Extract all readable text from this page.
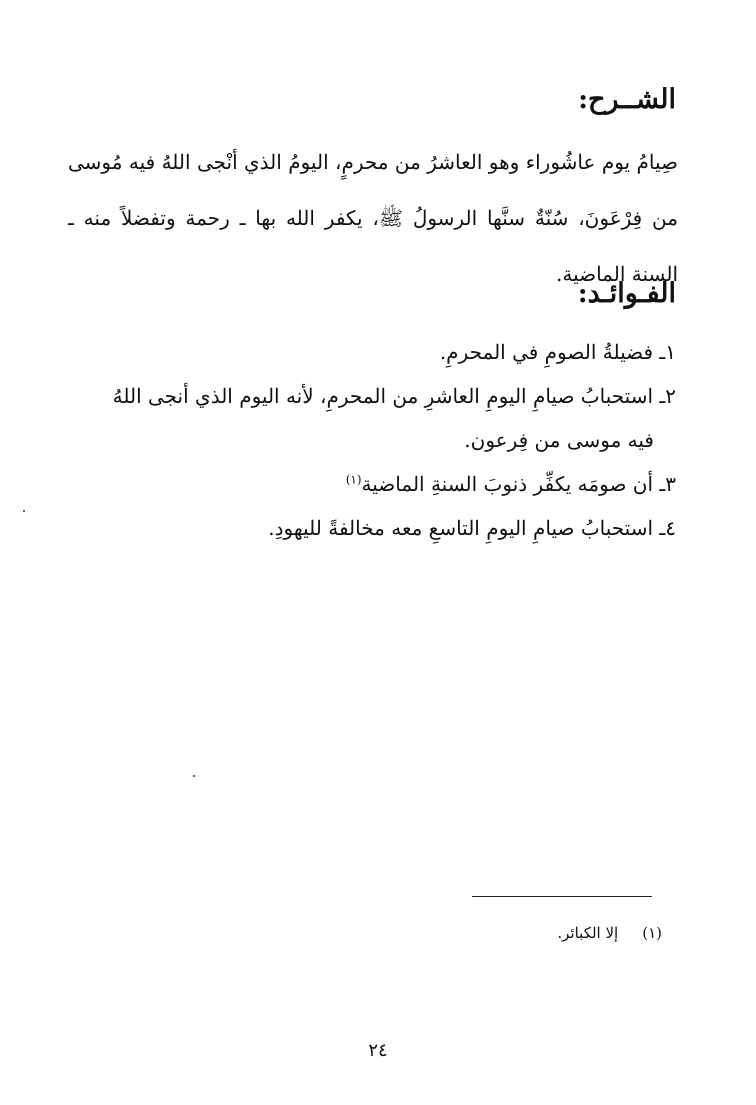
الشــرح:

صِيامُ يوم عاشُوراء وهو العاشرُ من محرمٍ، اليومُ الذي أنْجى اللهُ فيه مُوسى من فِرْعَونَ، سُنّةٌ سنَّها الرسولُ ﷺ، يكفر الله بها ـ رحمة وتفضلاً منه ـ السنة الماضية.

الفـوائـد:
١ـ فضيلةُ الصومِ في المحرمِ.
٢ـ استحبابُ صيامِ اليومِ العاشرِ من المحرمِ، لأنه اليوم الذي أنجى اللهُ
فيه موسى من فِرعون.
٣ـ أن صومَه يكفِّر ذنوبَ السنةِ الماضية$^{(١)}$
٤ـ استحبابُ صيامِ اليومِ التاسعِ معه مخالفةً لليهودِ.
(١)إلا الكبائر.
٢٤
